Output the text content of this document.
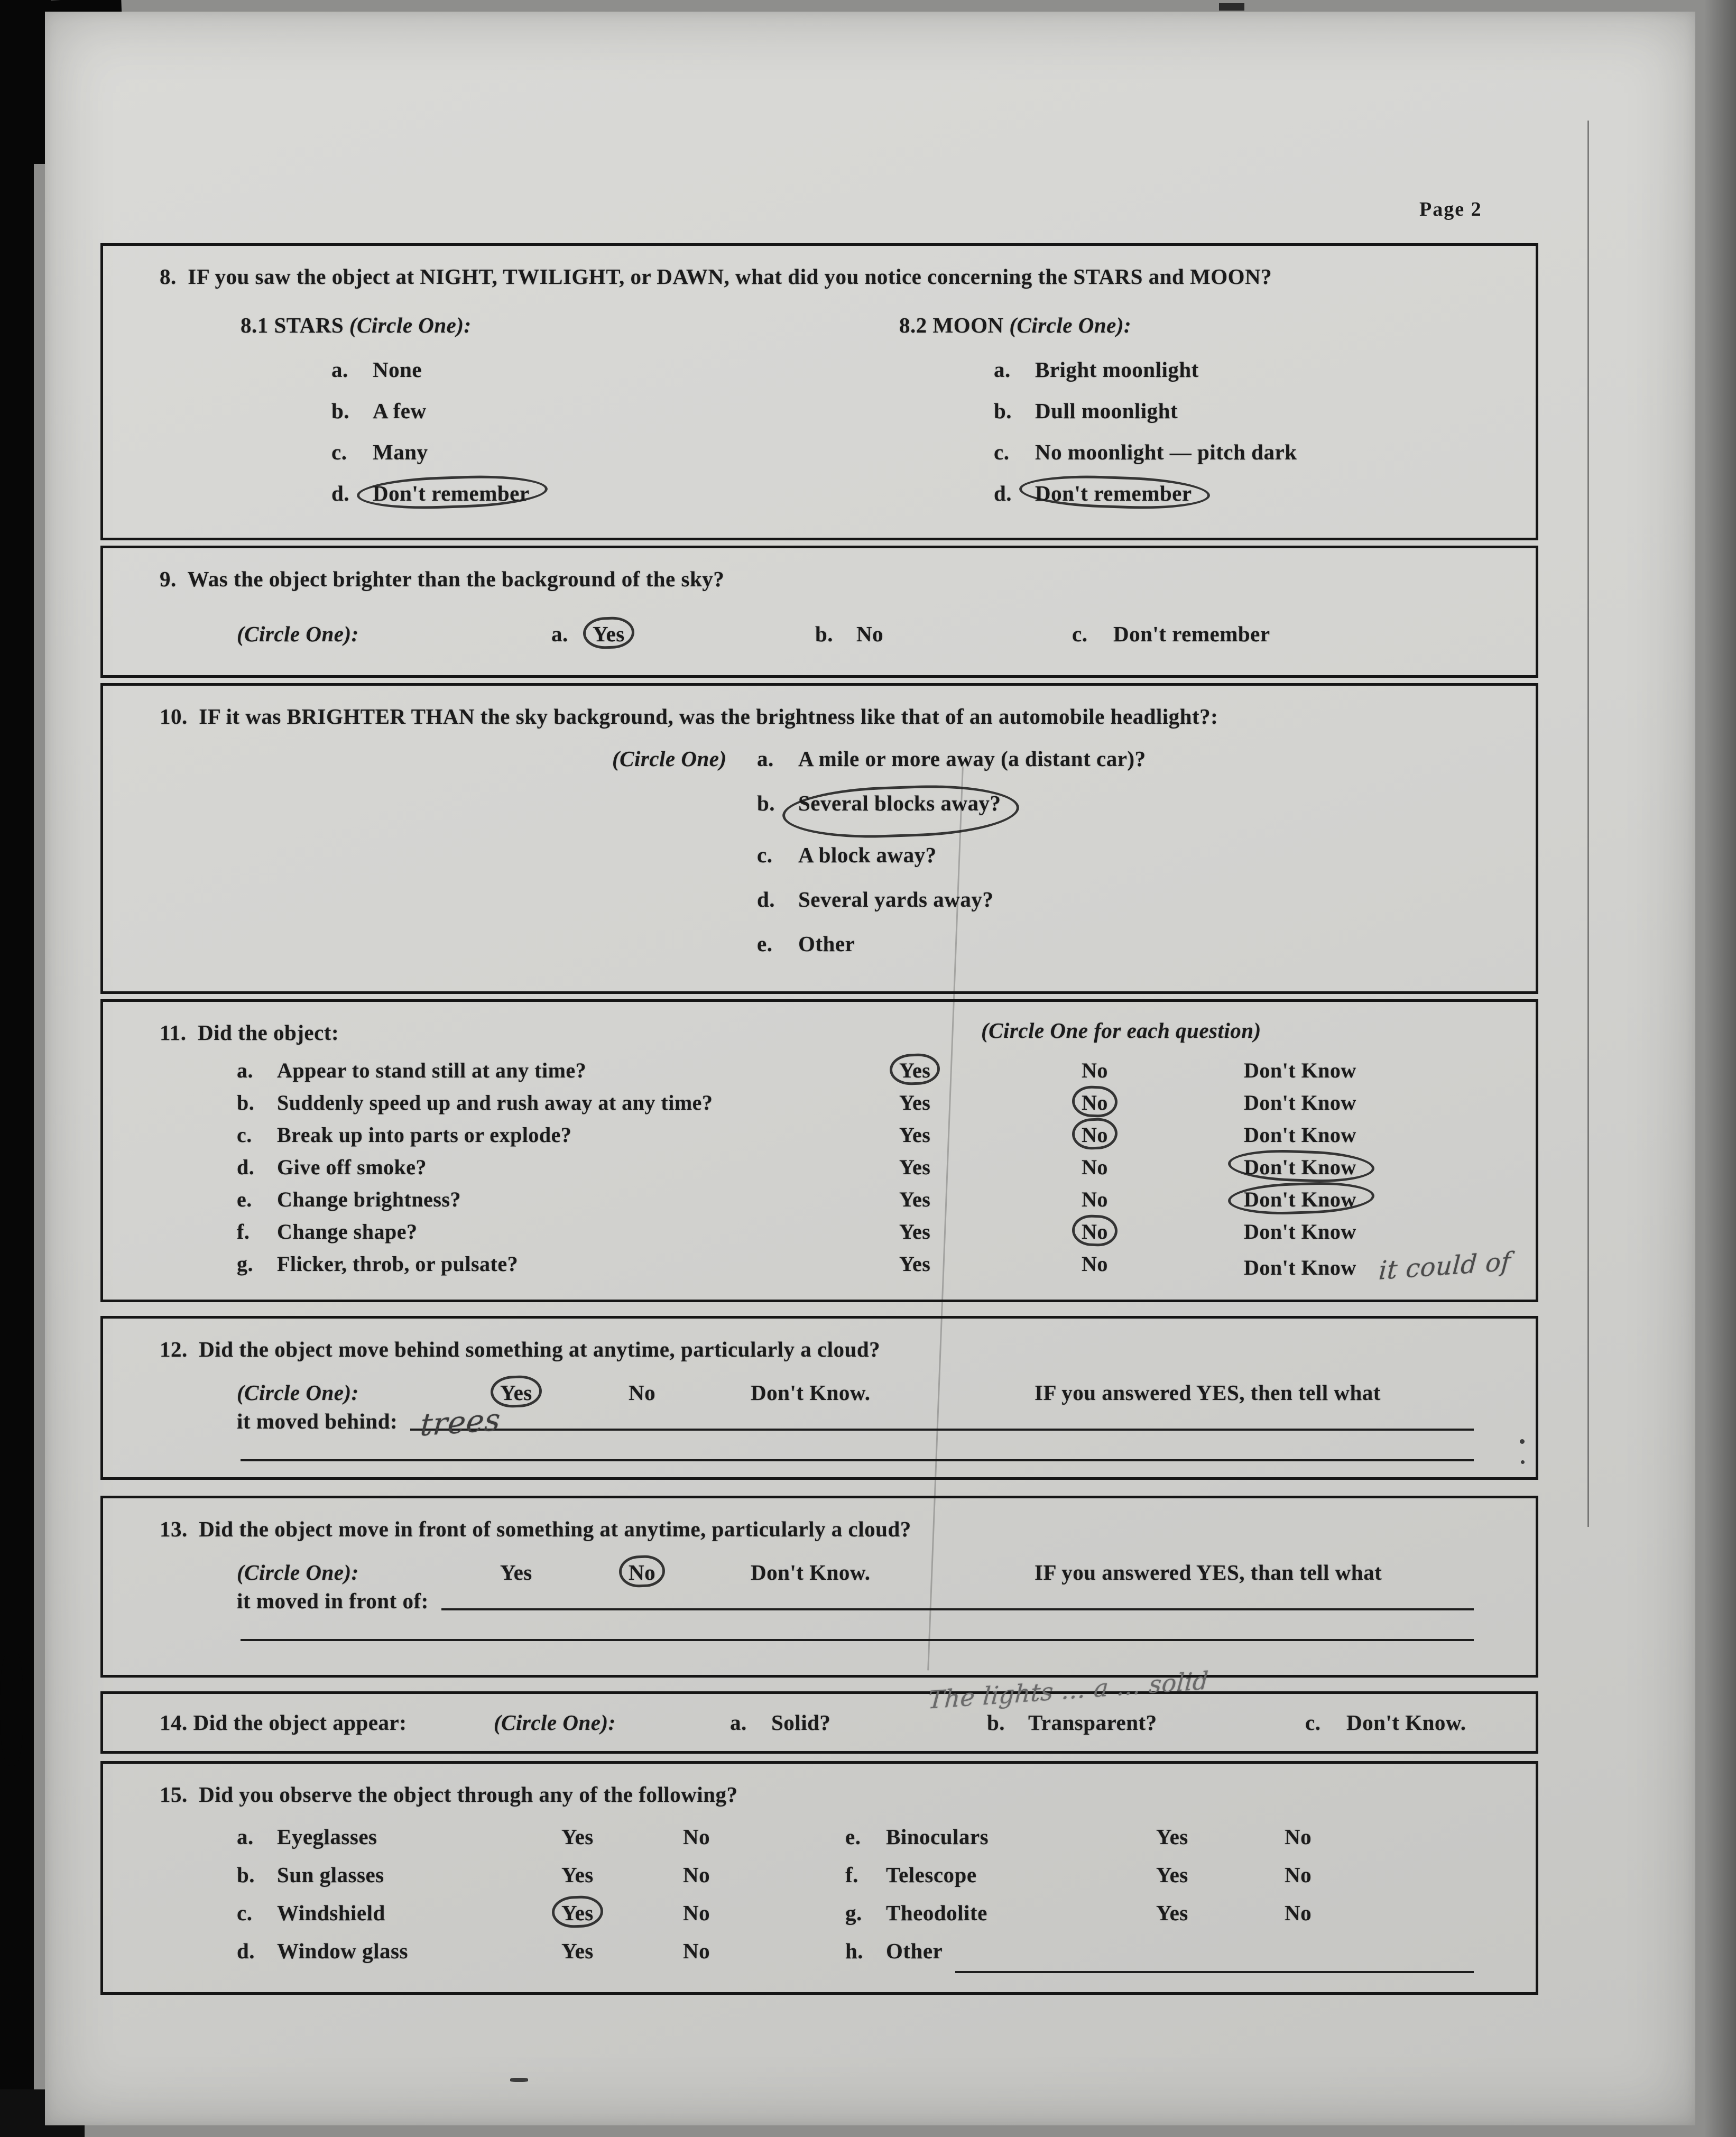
Page 2
8.  IF you saw the object at NIGHT, TWILIGHT, or DAWN, what did you notice concerning the STARS and MOON?
8.1 STARS (Circle One):
a.	None
b.	A few
c.	Many
d.	Don't remember
8.2 MOON (Circle One):
a.	Bright moonlight
b.	Dull moonlight
c.	No moonlight — pitch dark
d.	Don't remember
9.  Was the object brighter than the background of the sky?
(Circle One):	a. Yes	b. No	c. Don't remember
10.  IF it was BRIGHTER THAN the sky background, was the brightness like that of an automobile headlight?:
(Circle One)	a.	A mile or more away (a distant car)?
b.	Several blocks away?
c.	A block away?
d.	Several yards away?
e.	Other
11.  Did the object:	(Circle One for each question)
a.	Appear to stand still at any time?	Yes	No	Don't Know
b.	Suddenly speed up and rush away at any time?	Yes	No	Don't Know
c.	Break up into parts or explode?	Yes	No	Don't Know
d.	Give off smoke?	Yes	No	Don't Know
e.	Change brightness?	Yes	No	Don't Know
f.	Change shape?	Yes	No	Don't Know
g.	Flicker, throb, or pulsate?	Yes	No	Don't Know it could of
12.  Did the object move behind something at anytime, particularly a cloud?
(Circle One):	Yes	No	Don't Know.	IF you answered YES, then tell what
it moved behind: trees
13.  Did the object move in front of something at anytime, particularly a cloud?
(Circle One):	Yes	No	Don't Know.	IF you answered YES, than tell what
it moved in front of:
The lights … a … solid
14. Did the object appear:	(Circle One):	a. Solid?	b. Transparent?	c. Don't Know.
15.  Did you observe the object through any of the following?
a.	Eyeglasses	Yes	No	e.	Binoculars	Yes	No
b.	Sun glasses	Yes	No	f.	Telescope	Yes	No
c.	Windshield	Yes	No	g.	Theodolite	Yes	No
d.	Window glass	Yes	No	h.	Other
